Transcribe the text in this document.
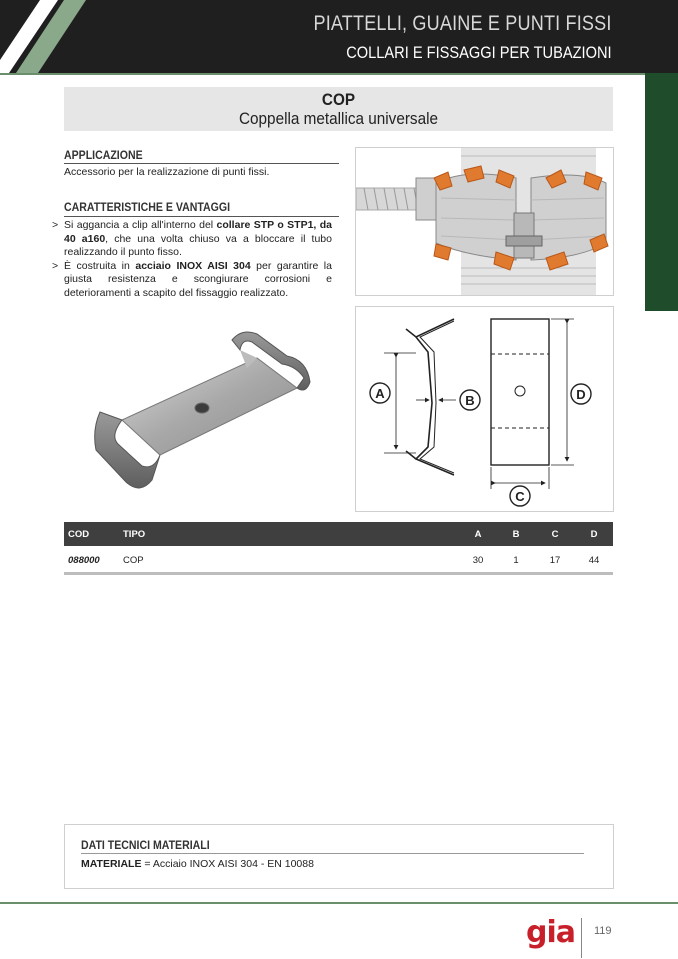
PIATTELLI, GUAINE E PUNTI FISSI
COLLARI E FISSAGGI PER TUBAZIONI
COP
Coppella metallica universale
APPLICAZIONE
Accessorio per la realizzazione di punti fissi.
CARATTERISTICHE E VANTAGGI
> Si aggancia a clip all'interno del collare STP o STP1, da 40 a160, che una volta chiuso va a bloccare il tubo realizzando il punto fisso.
> È costruita in acciaio INOX AISI 304 per garantire la giusta resistenza e scongiurare corrosioni e deterioramenti a scapito del fissaggio realizzato.
A	B	D
C
COD	TIPO	A	B	C	D
088000 COP	30	1	17	44
DATI TECNICI MATERIALI
MATERIALE = Acciaio INOX AISI 304 - EN 10088
gia 119
